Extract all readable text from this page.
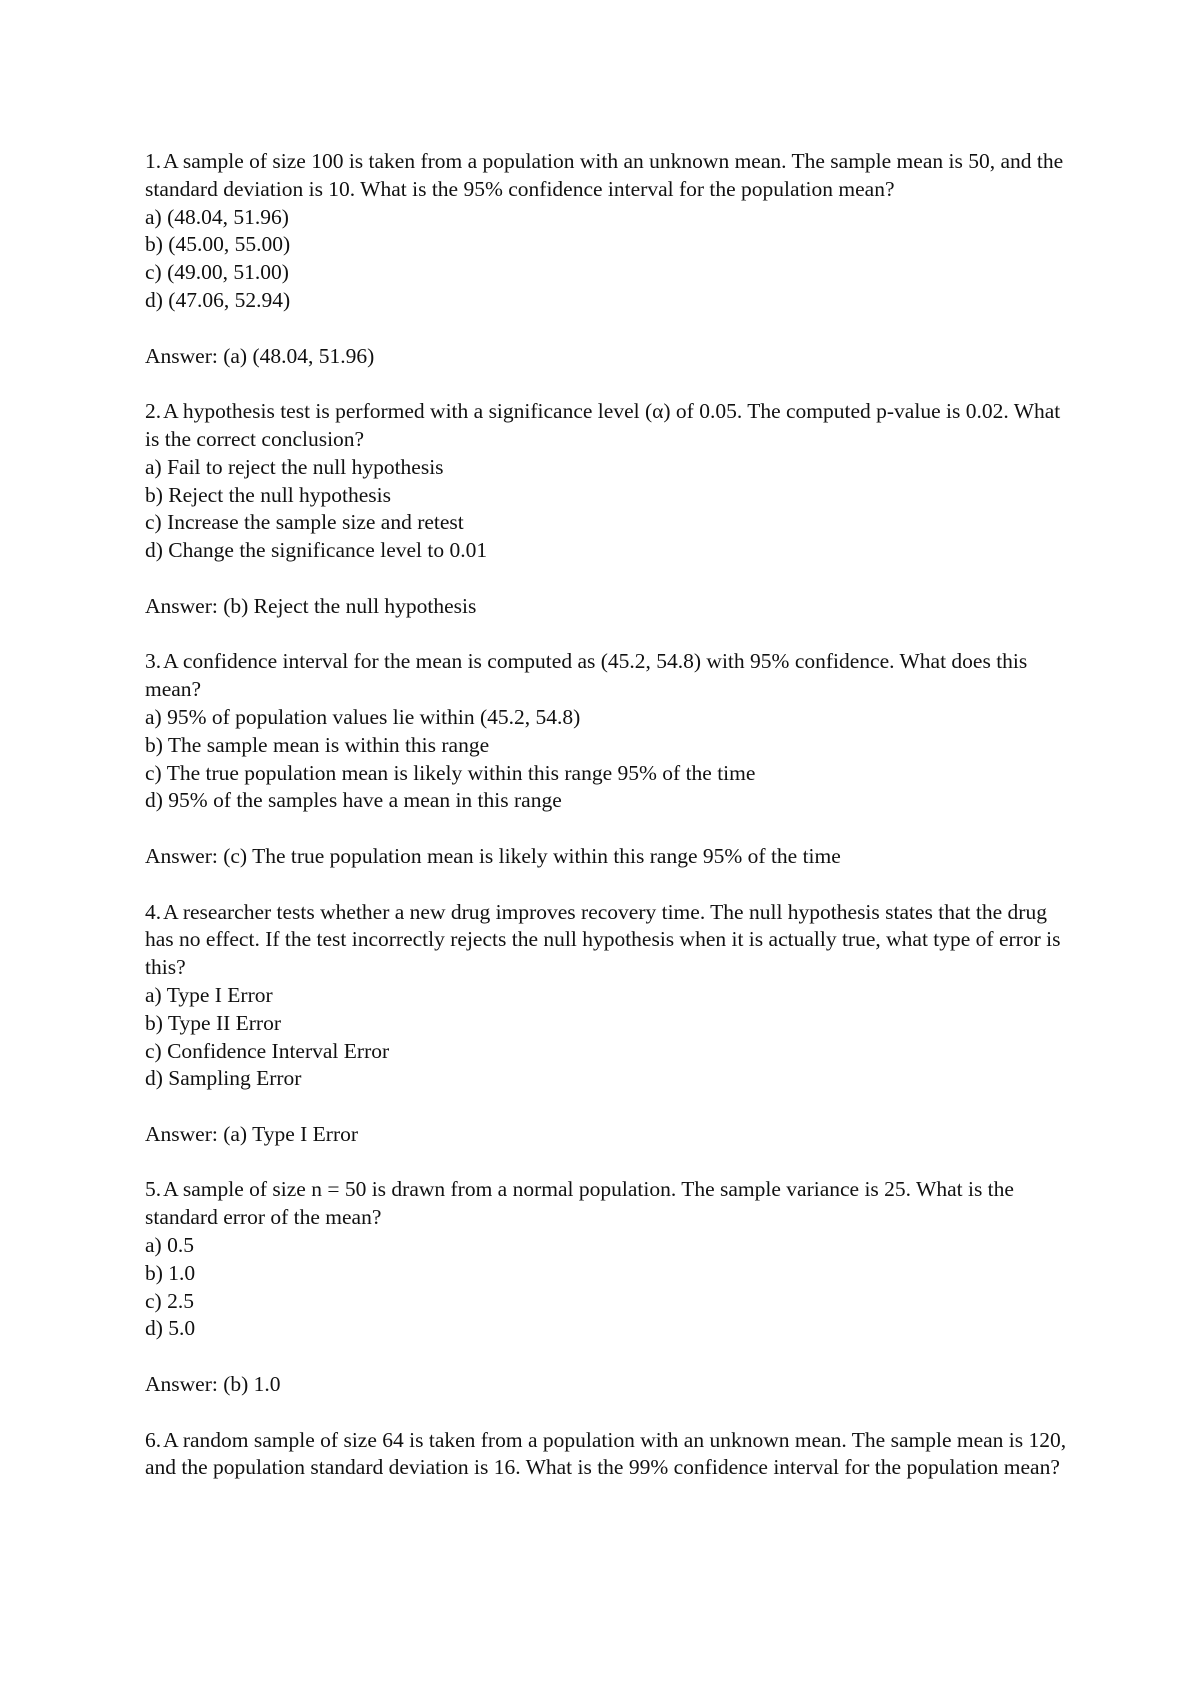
1.A sample of size 100 is taken from a population with an unknown mean. The sample mean is 50, and the standard deviation is 10. What is the 95% confidence interval for the population mean?

a) (48.04, 51.96)

b) (45.00, 55.00)

c) (49.00, 51.00)

d) (47.06, 52.94)

Answer: (a) (48.04, 51.96)

2.A hypothesis test is performed with a significance level (α) of 0.05. The computed p-value is 0.02. What is the correct conclusion?

a) Fail to reject the null hypothesis

b) Reject the null hypothesis

c) Increase the sample size and retest

d) Change the significance level to 0.01

Answer: (b) Reject the null hypothesis

3.A confidence interval for the mean is computed as (45.2, 54.8) with 95% confidence. What does this mean?

a) 95% of population values lie within (45.2, 54.8)

b) The sample mean is within this range

c) The true population mean is likely within this range 95% of the time

d) 95% of the samples have a mean in this range

Answer: (c) The true population mean is likely within this range 95% of the time

4.A researcher tests whether a new drug improves recovery time. The null hypothesis states that the drug has no effect. If the test incorrectly rejects the null hypothesis when it is actually true, what type of error is this?

a) Type I Error

b) Type II Error

c) Confidence Interval Error

d) Sampling Error

Answer: (a) Type I Error

5.A sample of size n = 50 is drawn from a normal population. The sample variance is 25. What is the standard error of the mean?

a) 0.5

b) 1.0

c) 2.5

d) 5.0

Answer: (b) 1.0

6.A random sample of size 64 is taken from a population with an unknown mean. The sample mean is 120, and the population standard deviation is 16. What is the 99% confidence interval for the population mean?
